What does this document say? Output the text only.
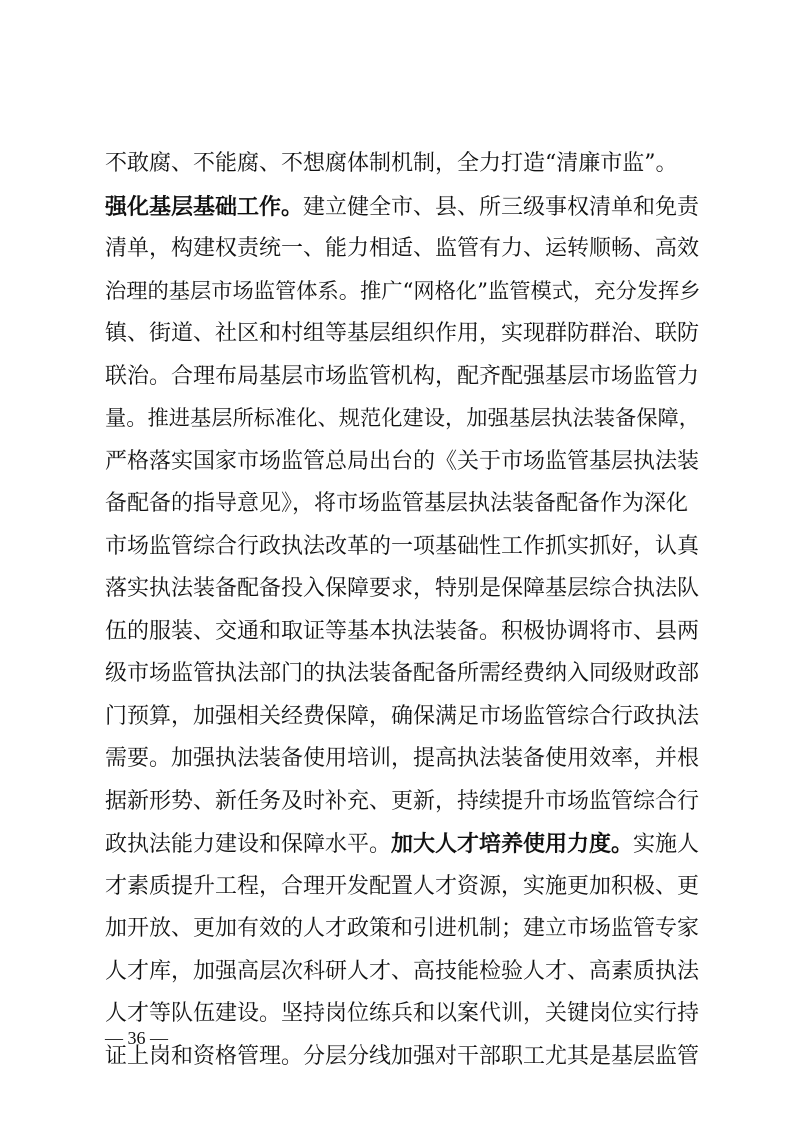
不敢腐、不能腐、不想腐体制机制，全力打造“清廉市监”。
强化基层基础工作。建立健全市、县、所三级事权清单和免责
清单，构建权责统一、能力相适、监管有力、运转顺畅、高效
治理的基层市场监管体系。推广“网格化”监管模式，充分发挥乡
镇、街道、社区和村组等基层组织作用，实现群防群治、联防
联治。合理布局基层市场监管机构，配齐配强基层市场监管力
量。推进基层所标准化、规范化建设，加强基层执法装备保障，
严格落实国家市场监管总局出台的《关于市场监管基层执法装
备配备的指导意见》，将市场监管基层执法装备配备作为深化
市场监管综合行政执法改革的一项基础性工作抓实抓好，认真
落实执法装备配备投入保障要求，特别是保障基层综合执法队
伍的服装、交通和取证等基本执法装备。积极协调将市、县两
级市场监管执法部门的执法装备配备所需经费纳入同级财政部
门预算，加强相关经费保障，确保满足市场监管综合行政执法
需要。加强执法装备使用培训，提高执法装备使用效率，并根
据新形势、新任务及时补充、更新，持续提升市场监管综合行
政执法能力建设和保障水平。加大人才培养使用力度。实施人
才素质提升工程，合理开发配置人才资源，实施更加积极、更
加开放、更加有效的人才政策和引进机制；建立市场监管专家
人才库，加强高层次科研人才、高技能检验人才、高素质执法
人才等队伍建设。坚持岗位练兵和以案代训，关键岗位实行持
证上岗和资格管理。分层分线加强对干部职工尤其是基层监管
— 36 —
